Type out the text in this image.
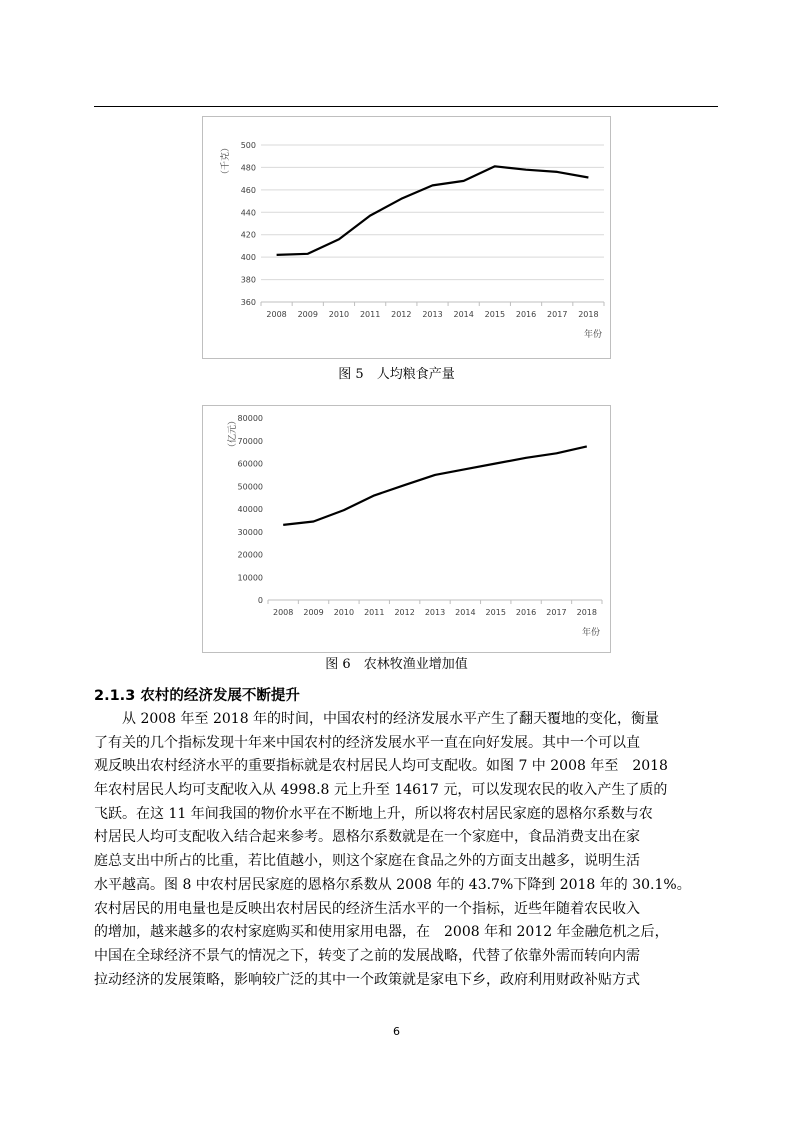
360
380
400
420
440
460
480
500
2008 2009 2010 2011 2012 2013 2014 2015 2016 2017 2018
年份
（千克）
图 5　人均粮食产量
0
10000
20000
30000
40000
50000
60000
70000
80000
2008 2009 2010 2011 2012 2013 2014 2015 2016 2017 2018
年份
（亿元）
图 6　农林牧渔业增加值
2.1.3 农村的经济发展不断提升
　　从 2008 年至 2018 年的时间，中国农村的经济发展水平产生了翻天覆地的变化，衡量
了有关的几个指标发现十年来中国农村的经济发展水平一直在向好发展。其中一个可以直
观反映出农村经济水平的重要指标就是农村居民人均可支配收。如图 7 中 2008 年至　2018
年农村居民人均可支配收入从 4998.8 元上升至 14617 元，可以发现农民的收入产生了质的
飞跃。在这 11 年间我国的物价水平在不断地上升，所以将农村居民家庭的恩格尔系数与农
村居民人均可支配收入结合起来参考。恩格尔系数就是在一个家庭中，食品消费支出在家
庭总支出中所占的比重，若比值越小，则这个家庭在食品之外的方面支出越多，说明生活
水平越高。图 8 中农村居民家庭的恩格尔系数从 2008 年的 43.7%下降到 2018 年的 30.1%。
农村居民的用电量也是反映出农村居民的经济生活水平的一个指标，近些年随着农民收入
的增加，越来越多的农村家庭购买和使用家用电器，在　2008 年和 2012 年金融危机之后，
中国在全球经济不景气的情况之下，转变了之前的发展战略，代替了依靠外需而转向内需
拉动经济的发展策略，影响较广泛的其中一个政策就是家电下乡，政府利用财政补贴方式
6
